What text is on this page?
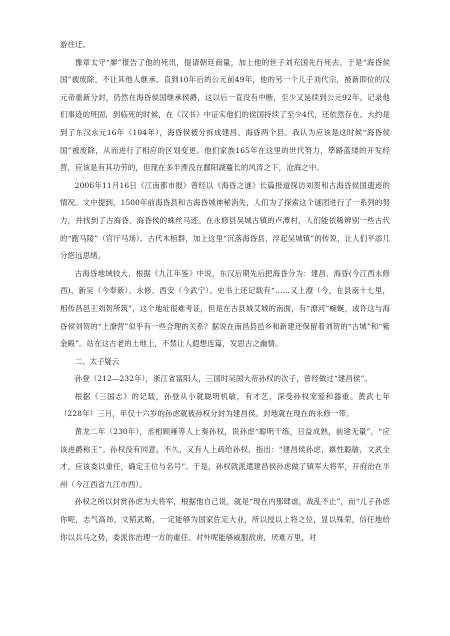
游往迁。

豫章太守“廖”报告了他的死讯，提请朝廷商量，加上他的世子刘充国先行死去。于是“海昏侯国”被废除，不让其他人继承。直到10年后的公元前49年，他的另一个儿子刘代宗，被新即位的汉元帝重新分封，仍然在海昏侯国继承侯爵，这以后一直没有中断，至少又延续到公元92年。记录他们事迹的班固，到临死的时候，在《汉书》中证实他们的侯国持续了至少4代，还依然存在。大约是到了东汉永元16年（104年），海昏侯被分拆成建昌、海昏两个县。我认为应该是这时候“海昏侯国”被废除，从而进行了相应的区划变更。他们家族165年在这里的世代努力，筚路蓝缕的开发经营，应该是有其功劳的，但现在多半湮没在鄱阳湖蔓长的风涛之下，沧海之中。

2006年11月16日《江南都市报》曾经以《海昏之谜》长篇报道探访刘贺和古海昏侯国遗迹的情况。文中提到，1500年前海昏县和古海昏城神秘消失，人们为了探索这个谜团进行了一系列的努力，并找到了古海昏、海昏侯的蛛丝马迹。在永修县吴城古镇的卢潭村，人们能依稀辨别一些古代的“跑马陵”（官厅马场）、古代木棺群，加上这里“沉落海昏县，浮起吴城镇”的传说，让人们平添几分悠远思绪。

古海昏地域较大，根据《九江年鉴》中说，东汉后期先后把海昏分为：建昌、海昏(今江西永修西)、新吴（今奉新）、永修、西安（今武宁）。史书上还记载有“……又上潦（今，在县南十七里，相传昌邑王刘贺所筑”，这个地址很难考证，但是在古县城艾城的南面，有“潦河”蜿蜒，或许这与海昏侯刘贺的“上潦营”似乎有一些合理的关系？据说在南昌县邑乡和新建还保留着刘贺的“古城”和“紫金殿”。站在这古老的土地上，不禁让人遐想连篇，发思古之幽情。

二、太子疑云

孙登（212—232年），浙江省富阳人，三国时吴国大帝孙权的次子，曾经做过“建昌侯”。

根据《三国志》的记载，孙登从小就聪明机敏，有才艺，深受孙权宠爱和器重。黄武七年（228年）三月，年仅十六岁的孙虑就被孙权分封为建昌侯。封地就在现在的永修一带。

黄龙二年（230年），丞相顾雍等人上奏孙权，说孙虑“聪明干练，日益成熟，前途无量”，“应该进爵称王”。孙权没有同意，不久，又有人上疏给孙权，指出：“建昌侯孙虑，禀性聪敏，文武全才，应该委以重任，确定王位与名号”。于是，孙权就派遣建昌侯孙虑做了镇军大将军，开府治在半州（今江西省九江市西）。

孙权之所以封赏孙虑为大将军，根据他自己说，就是“现在内那肆虐，战乱不止”，而“儿子孙虑你呢，志气高昂，文韬武略，一定能够为国家佐定大业，所以授以上将之位，显以殊荣，信任地给你以兵马之势，委派你治理一方的重任。对外呢能够威服敌虏，厌难万里，对
